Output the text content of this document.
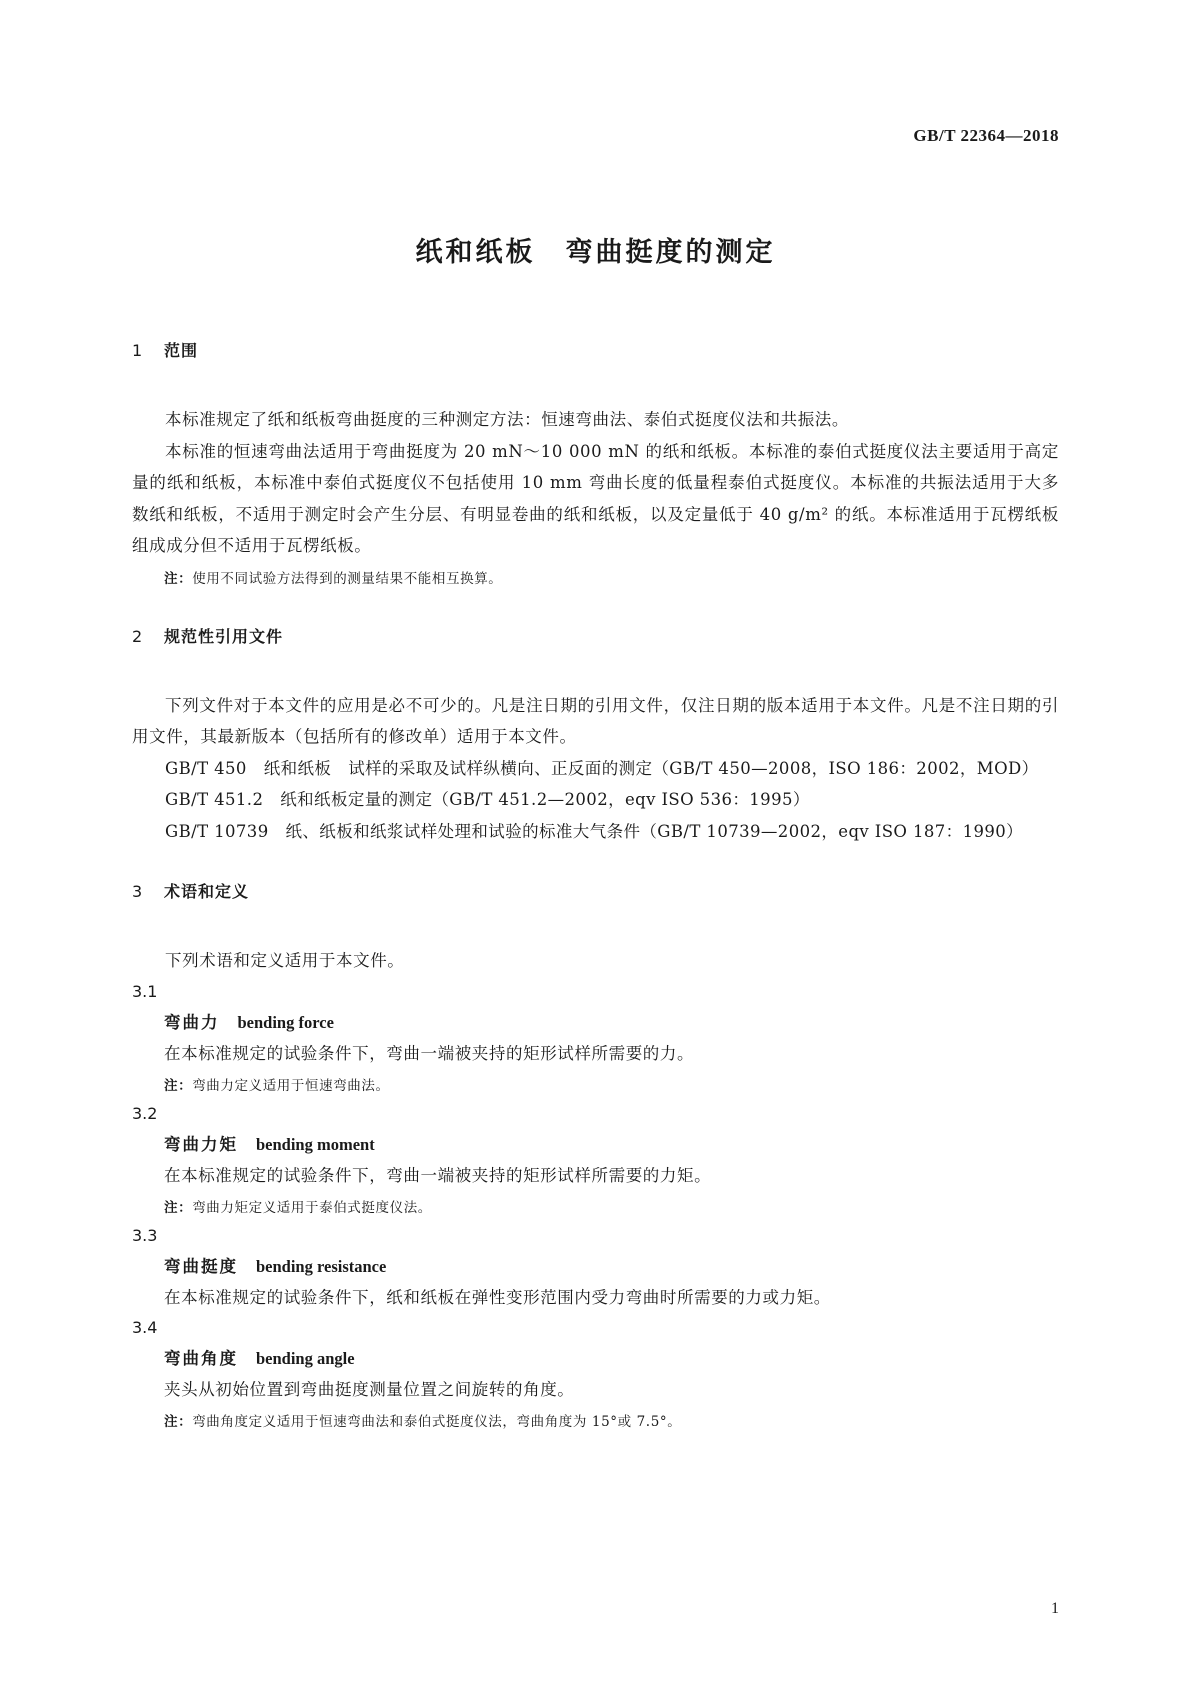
GB/T 22364—2018
纸和纸板　弯曲挺度的测定
1 范围

本标准规定了纸和纸板弯曲挺度的三种测定方法：恒速弯曲法、泰伯式挺度仪法和共振法。

本标准的恒速弯曲法适用于弯曲挺度为 20 mN～10 000 mN 的纸和纸板。本标准的泰伯式挺度仪法主要适用于高定量的纸和纸板，本标准中泰伯式挺度仪不包括使用 10 mm 弯曲长度的低量程泰伯式挺度仪。本标准的共振法适用于大多数纸和纸板，不适用于测定时会产生分层、有明显卷曲的纸和纸板，以及定量低于 40 g/m² 的纸。本标准适用于瓦楞纸板组成成分但不适用于瓦楞纸板。

注：使用不同试验方法得到的测量结果不能相互换算。

2 规范性引用文件

下列文件对于本文件的应用是必不可少的。凡是注日期的引用文件，仅注日期的版本适用于本文件。凡是不注日期的引用文件，其最新版本（包括所有的修改单）适用于本文件。

GB/T 450　纸和纸板　试样的采取及试样纵横向、正反面的测定（GB/T 450—2008，ISO 186：2002，MOD）

GB/T 451.2　纸和纸板定量的测定（GB/T 451.2—2002，eqv ISO 536：1995）

GB/T 10739　纸、纸板和纸浆试样处理和试验的标准大气条件（GB/T 10739—2002，eqv ISO 187：1990）

3 术语和定义

下列术语和定义适用于本文件。

3.1

弯曲力 bending force

在本标准规定的试验条件下，弯曲一端被夹持的矩形试样所需要的力。

注：弯曲力定义适用于恒速弯曲法。

3.2

弯曲力矩 bending moment

在本标准规定的试验条件下，弯曲一端被夹持的矩形试样所需要的力矩。

注：弯曲力矩定义适用于泰伯式挺度仪法。

3.3

弯曲挺度 bending resistance

在本标准规定的试验条件下，纸和纸板在弹性变形范围内受力弯曲时所需要的力或力矩。

3.4

弯曲角度 bending angle

夹头从初始位置到弯曲挺度测量位置之间旋转的角度。

注：弯曲角度定义适用于恒速弯曲法和泰伯式挺度仪法，弯曲角度为 15°或 7.5°。

1
